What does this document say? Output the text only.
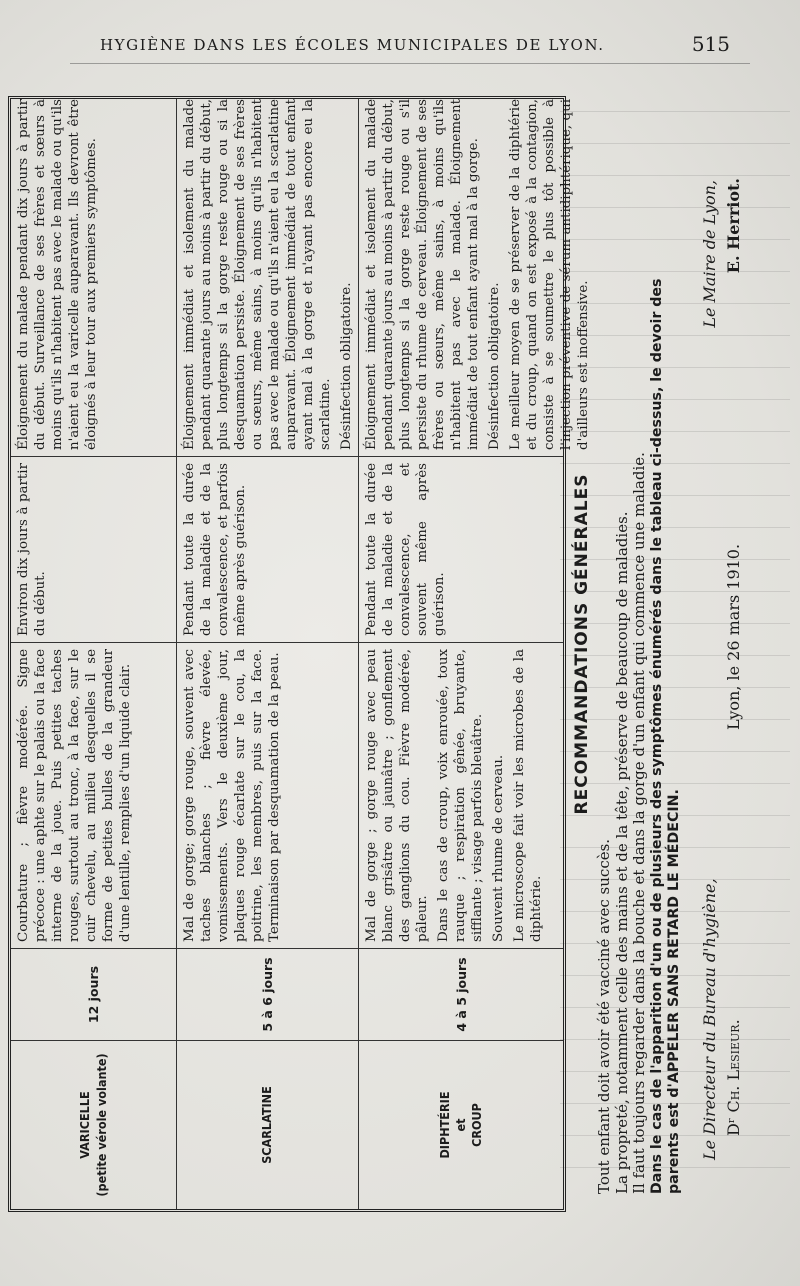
HYGIÈNE DANS LES ÉCOLES MUNICIPALES DE LYON.	515
VARICELLE (petite vérole volante)
12 jours

Courbature ; fièvre modérée. Signe précoce : une aphte sur le palais ou la face interne de la joue. Puis petites taches rouges, surtout au tronc, à la face, sur le cuir chevelu, au milieu desquelles il se forme de petites bulles de la grandeur d'une lentille, remplies d'un liquide clair.

Environ dix jours à partir du début.

Éloignement du malade pendant dix jours à partir du début. Surveillance de ses frères et sœurs à moins qu'ils n'habitent pas avec le malade ou qu'ils n'aient eu la varicelle auparavant. Ils devront être éloignés à leur tour aux premiers symptômes.

SCARLATINE
5 à 6 jours

Mal de gorge; gorge rouge, souvent avec taches blanches ; fièvre élevée, vomissements. Vers le deuxième jour, plaques rouge écarlate sur le cou, la poitrine, les membres, puis sur la face. Terminaison par desquamation de la peau.

Pendant toute la durée de la maladie et de la convalescence, et parfois même après guérison.

Éloignement immédiat et isolement du malade pendant quarante jours au moins à partir du début, plus longtemps si la gorge reste rouge ou si la desquamation persiste. Éloignement de ses frères ou sœurs, même sains, à moins qu'ils n'habitent pas avec le malade ou qu'ils n'aient eu la scarlatine auparavant. Éloignement immédiat de tout enfant ayant mal à la gorge et n'ayant pas encore eu la scarlatine. Désinfection obligatoire.

DIPHTÉRIE et CROUP
4 à 5 jours

Mal de gorge ; gorge rouge avec peau blanc grisâtre ou jaunâtre ; gonflement des ganglions du cou. Fièvre modérée, pâleur. Dans le cas de croup, voix enrouée, toux rauque ; respiration gênée, bruyante, sifflante ; visage parfois bleuâtre. Souvent rhume de cerveau. Le microscope fait voir les microbes de la diphtérie.

Pendant toute la durée de la maladie et de la convalescence, et souvent même après guérison.

Éloignement immédiat et isolement du malade pendant quarante jours au moins à partir du début, plus longtemps si la gorge reste rouge ou s'il persiste du rhume de cerveau. Éloignement de ses frères ou sœurs, même sains, à moins qu'ils n'habitent pas avec le malade. Éloignement immédiat de tout enfant ayant mal à la gorge. Désinfection obligatoire. Le meilleur moyen de se préserver de la diphtérie et du croup, quand on est exposé à la contagion, consiste à se soumettre le plus tôt possible à l'injection préventive de sérum antidiphtérique, qui d'ailleurs est inoffensive.

RECOMMANDATIONS GÉNÉRALES

Tout enfant doit avoir été vacciné avec succès. La propreté, notamment celle des mains et de la tête, préserve de beaucoup de maladies. Il faut toujours regarder dans la bouche et dans la gorge d'un enfant qui commence une maladie. Dans le cas de l'apparition d'un ou de plusieurs des symptômes énumérés dans le tableau ci-dessus, le devoir des parents est d'APPELER SANS RETARD LE MÉDECIN. Le Directeur du Bureau d'hygiène, Dʳ Ch. Lesieur.
Lyon, le 26 mars 1910.
Le Maire de Lyon, E. Herriot.
